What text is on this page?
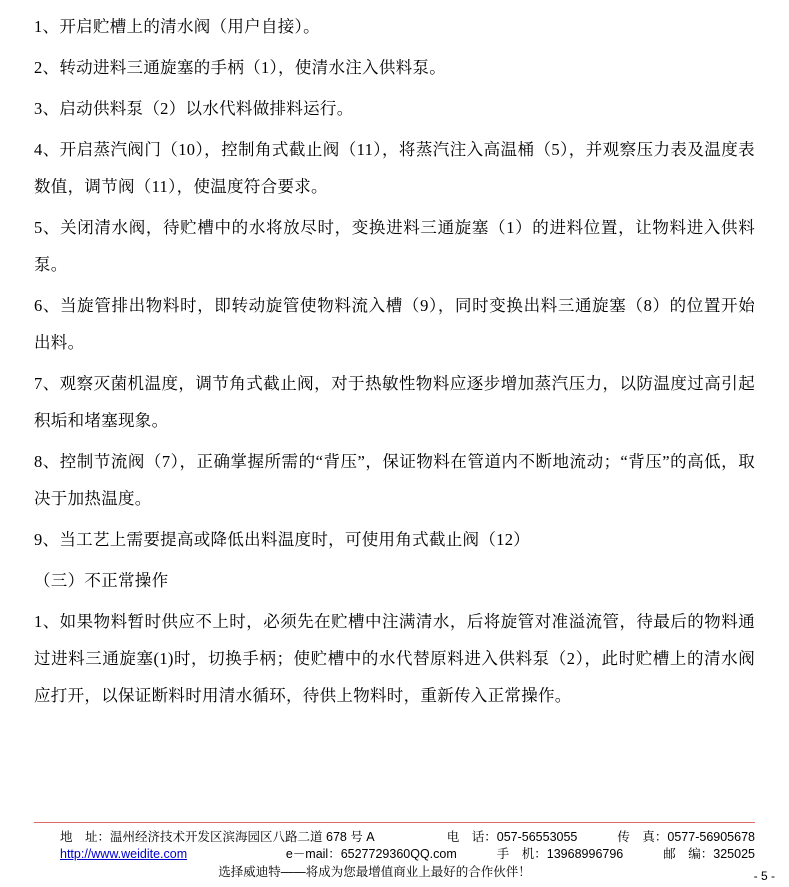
1、开启贮槽上的清水阀（用户自接）。

2、转动进料三通旋塞的手柄（1），使清水注入供料泵。

3、启动供料泵（2）以水代料做排料运行。

4、开启蒸汽阀门（10），控制角式截止阀（11），将蒸汽注入高温桶（5），并观察压力表及温度表数值，调节阀（11），使温度符合要求。

5、关闭清水阀，待贮槽中的水将放尽时，变换进料三通旋塞（1）的进料位置，让物料进入供料泵。

6、当旋管排出物料时，即转动旋管使物料流入槽（9），同时变换出料三通旋塞（8）的位置开始出料。

7、观察灭菌机温度，调节角式截止阀，对于热敏性物料应逐步增加蒸汽压力，以防温度过高引起积垢和堵塞现象。

8、控制节流阀（7），正确掌握所需的“背压”，保证物料在管道内不断地流动；“背压”的高低，取决于加热温度。

9、当工艺上需要提高或降低出料温度时，可使用角式截止阀（12）

（三）不正常操作

1、如果物料暂时供应不上时，必须先在贮槽中注满清水，后将旋管对准溢流管，待最后的物料通过进料三通旋塞(1)时，切换手柄；使贮槽中的水代替原料进入供料泵（2），此时贮槽上的清水阀应打开，以保证断料时用清水循环，待供上物料时，重新传入正常操作。

地　址：温州经济技术开发区滨海园区八路二道 678 号 A	电　话：057-56553055	传　真：0577-56905678
http://www.weidite.com	e－mail：6527729360QQ.com	手　机：13968996796	邮　编：325025
选择威迪特——将成为您最增值商业上最好的合作伙伴！	- 5 -
